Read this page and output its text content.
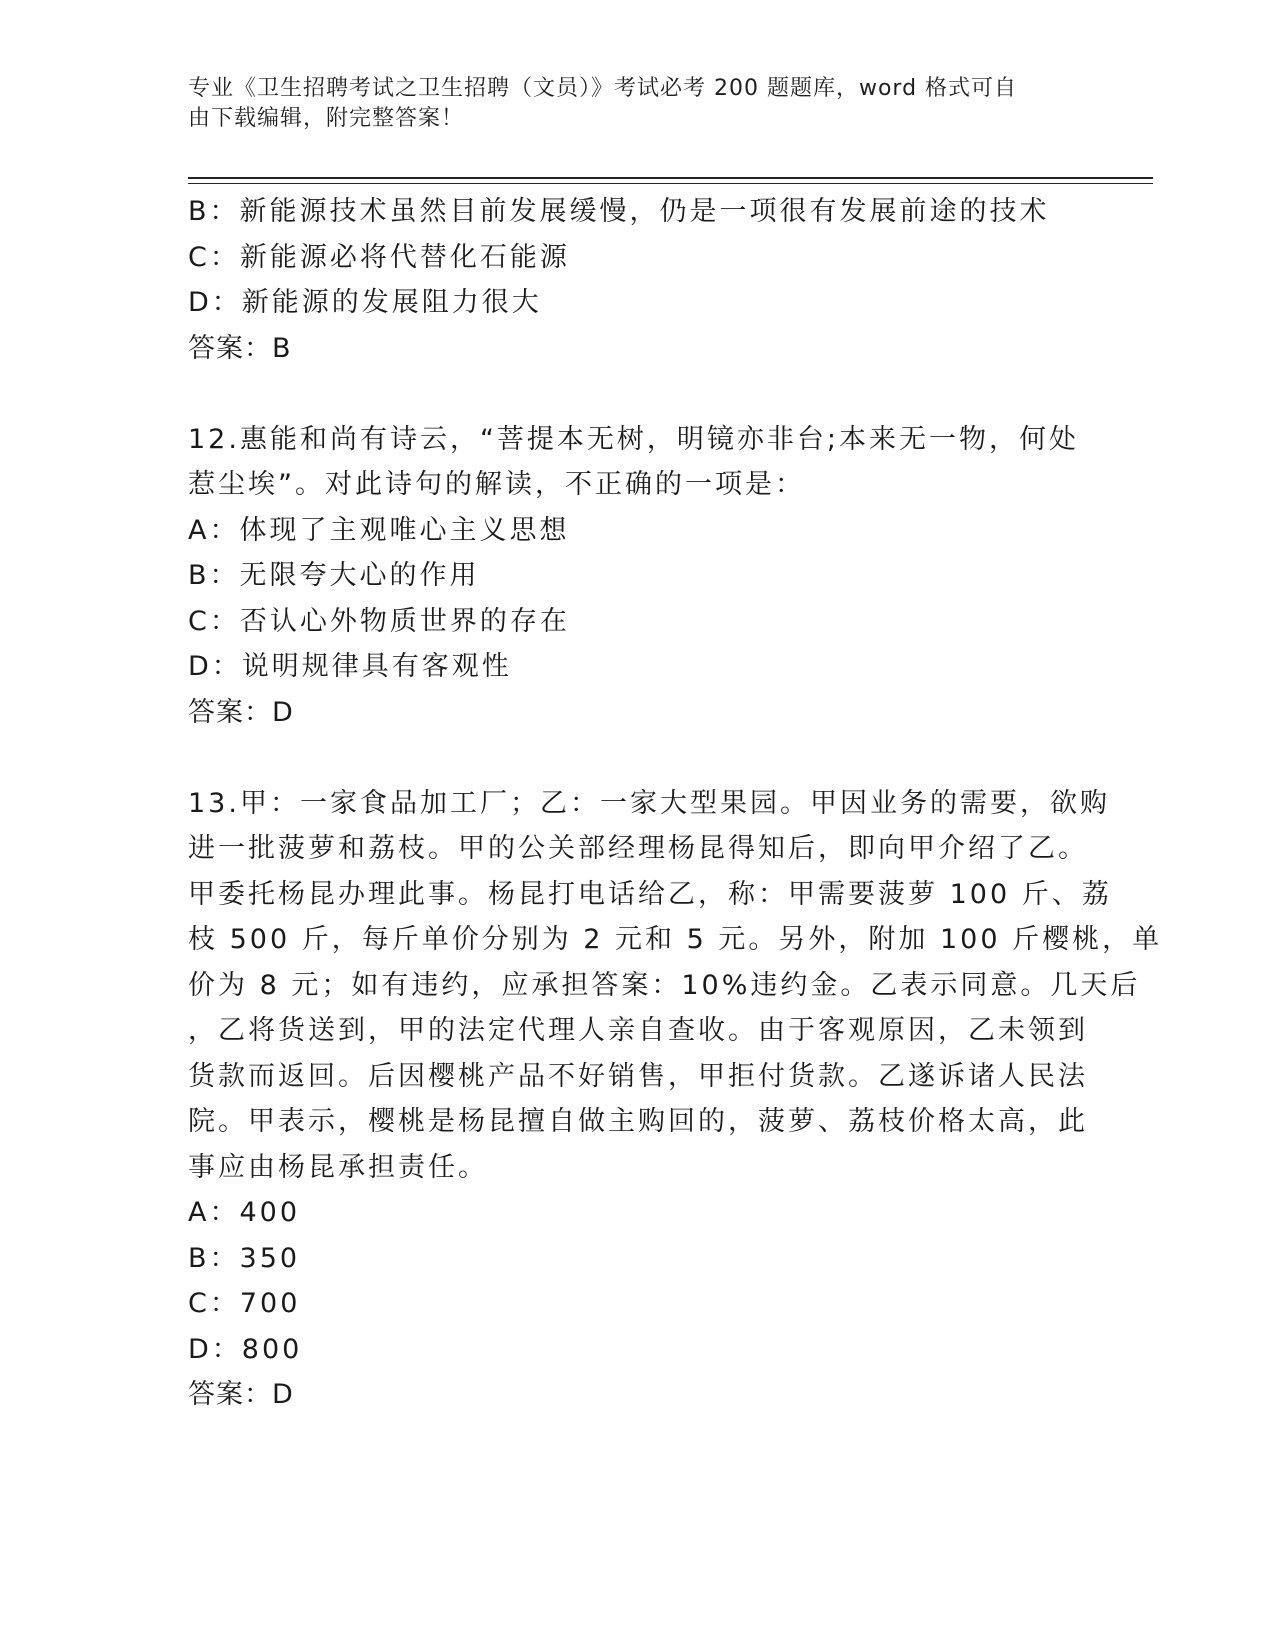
专业《卫生招聘考试之卫生招聘（文员）》考试必考 200 题题库，word 格式可自
由下载编辑，附完整答案！
B：新能源技术虽然目前发展缓慢，仍是一项很有发展前途的技术
C：新能源必将代替化石能源
D：新能源的发展阻力很大
答案：B
12.惠能和尚有诗云，“菩提本无树，明镜亦非台;本来无一物，何处
惹尘埃”。对此诗句的解读，不正确的一项是：
A：体现了主观唯心主义思想
B：无限夸大心的作用
C：否认心外物质世界的存在
D：说明规律具有客观性
答案：D
13.甲：一家食品加工厂；乙：一家大型果园。甲因业务的需要，欲购
进一批菠萝和荔枝。甲的公关部经理杨昆得知后，即向甲介绍了乙。
甲委托杨昆办理此事。杨昆打电话给乙，称：甲需要菠萝 100 斤、荔
枝 500 斤，每斤单价分别为 2 元和 5 元。另外，附加 100 斤樱桃，单
价为 8 元；如有违约，应承担答案：10%违约金。乙表示同意。几天后
，乙将货送到，甲的法定代理人亲自查收。由于客观原因，乙未领到
货款而返回。后因樱桃产品不好销售，甲拒付货款。乙遂诉诸人民法
院。甲表示，樱桃是杨昆擅自做主购回的，菠萝、荔枝价格太高，此
事应由杨昆承担责任。
A：400
B：350
C：700
D：800
答案：D
